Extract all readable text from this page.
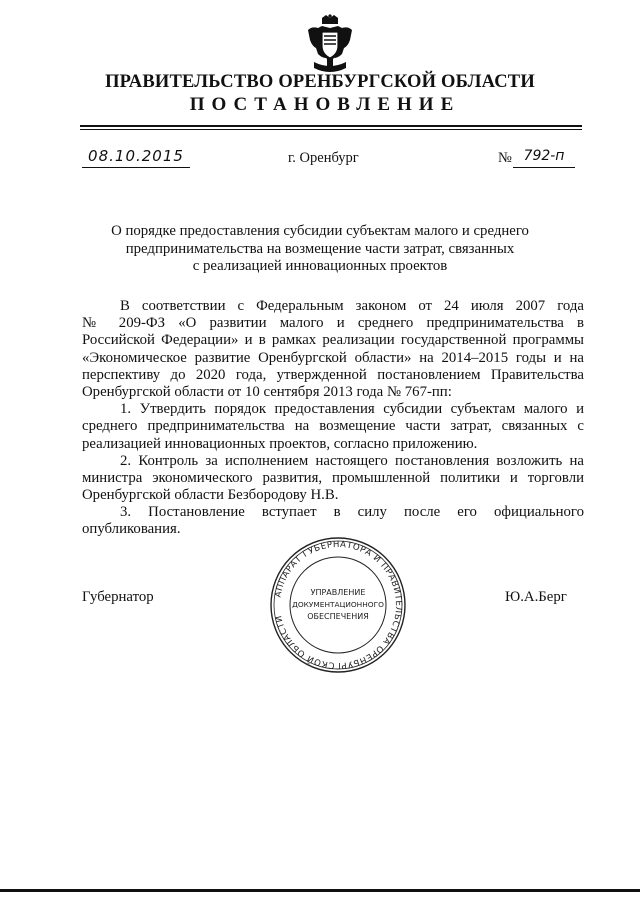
ПРАВИТЕЛЬСТВО ОРЕНБУРГСКОЙ ОБЛАСТИ
ПОСТАНОВЛЕНИЕ
08.10.2015	г. Оренбург	№ 792-п
О порядке предоставления субсидии субъектам малого и среднего
предпринимательства на возмещение части затрат, связанных
с реализацией инновационных проектов
В соответствии с Федеральным законом от 24 июля 2007 года
№ 209-ФЗ «О развитии малого и среднего предпринимательства в
Российской Федерации» и в рамках реализации государственной программы
«Экономическое развитие Оренбургской области» на 2014–2015 годы и на
перспективу до 2020 года, утвержденной постановлением Правительства
Оренбургской области от 10 сентября 2013 года № 767-пп:
1. Утвердить порядок предоставления субсидии субъектам малого и
среднего предпринимательства на возмещение части затрат, связанных с
реализацией инновационных проектов, согласно приложению.
2. Контроль за исполнением настоящего постановления возложить на
министра экономического развития, промышленной политики и торговли
Оренбургской области Безбородову Н.В.
3. Постановление вступает в силу после его официального
опубликования.
Губернатор	Ю.А.Берг
АППАРАТ ГУБЕРНАТОРА И ПРАВИТЕЛЬСТВА ОРЕНБУРГСКОЙ ОБЛАСТИ
УПРАВЛЕНИЕ
ДОКУМЕНТАЦИОННОГО
ОБЕСПЕЧЕНИЯ
